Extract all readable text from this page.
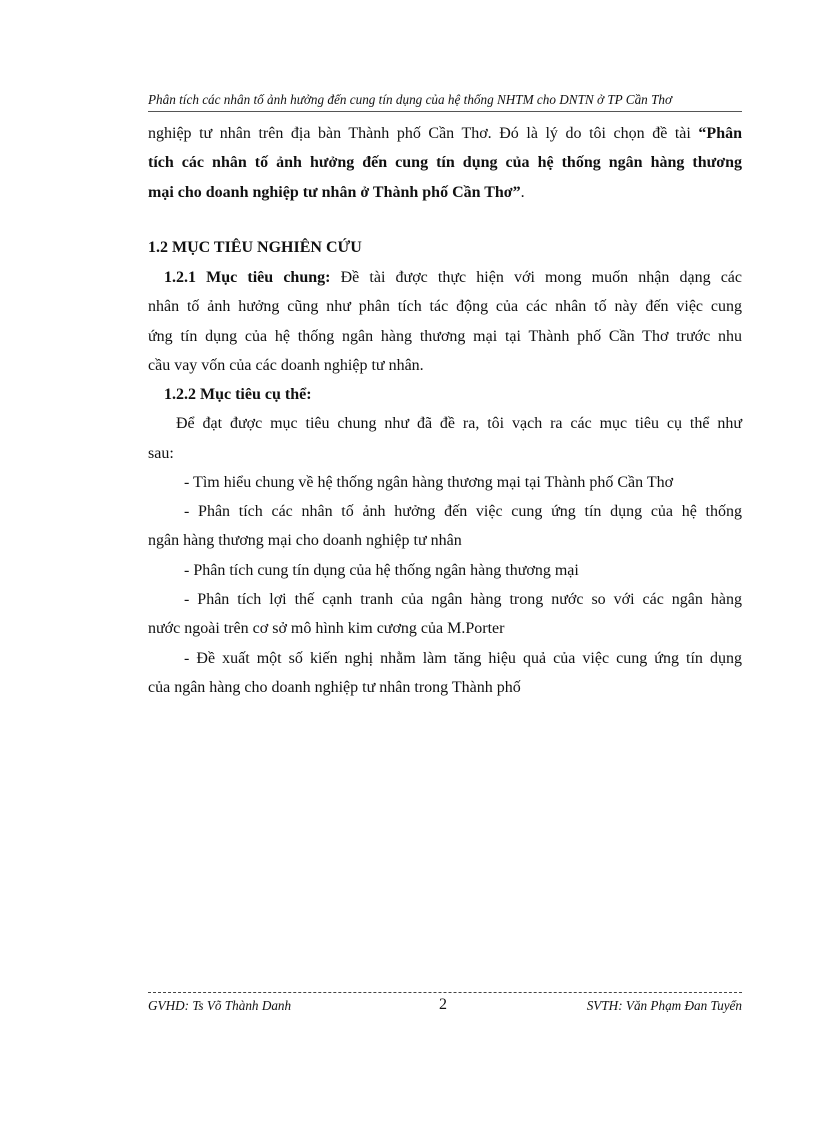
Phân tích các nhân tố ảnh hưởng đến cung tín dụng của hệ thống NHTM cho DNTN ở TP Cần Thơ
nghiệp tư nhân trên địa bàn Thành phố Cần Thơ. Đó là lý do tôi chọn đề tài “Phân
tích các nhân tố ảnh hưởng đến cung tín dụng của hệ thống ngân hàng thương
mại cho doanh nghiệp tư nhân ở Thành phố Cần Thơ”.
1.2 MỤC TIÊU NGHIÊN CỨU
1.2.1 Mục tiêu chung: Đề tài được thực hiện với mong muốn nhận dạng các
nhân tố ảnh hưởng cũng như phân tích tác động của các nhân tố này đến việc cung
ứng tín dụng của hệ thống ngân hàng thương mại tại Thành phố Cần Thơ trước nhu
cầu vay vốn của các doanh nghiệp tư nhân.
1.2.2 Mục tiêu cụ thể:
Để đạt được mục tiêu chung như đã đề ra, tôi vạch ra các mục tiêu cụ thể như
sau:
- Tìm hiểu chung về hệ thống ngân hàng thương mại tại Thành phố Cần Thơ
- Phân tích các nhân tố ảnh hưởng đến việc cung ứng tín dụng của hệ thống
ngân hàng thương mại cho doanh nghiệp tư nhân
- Phân tích cung tín dụng của hệ thống ngân hàng thương mại
- Phân tích lợi thế cạnh tranh của ngân hàng trong nước so với các ngân hàng
nước ngoài trên cơ sở mô hình kim cương của M.Porter
- Đề xuất một số kiến nghị nhằm làm tăng hiệu quả của việc cung ứng tín dụng
của ngân hàng cho doanh nghiệp tư nhân trong Thành phố
GVHD: Ts Võ Thành Danh	2	SVTH: Văn Phạm Đan Tuyển
